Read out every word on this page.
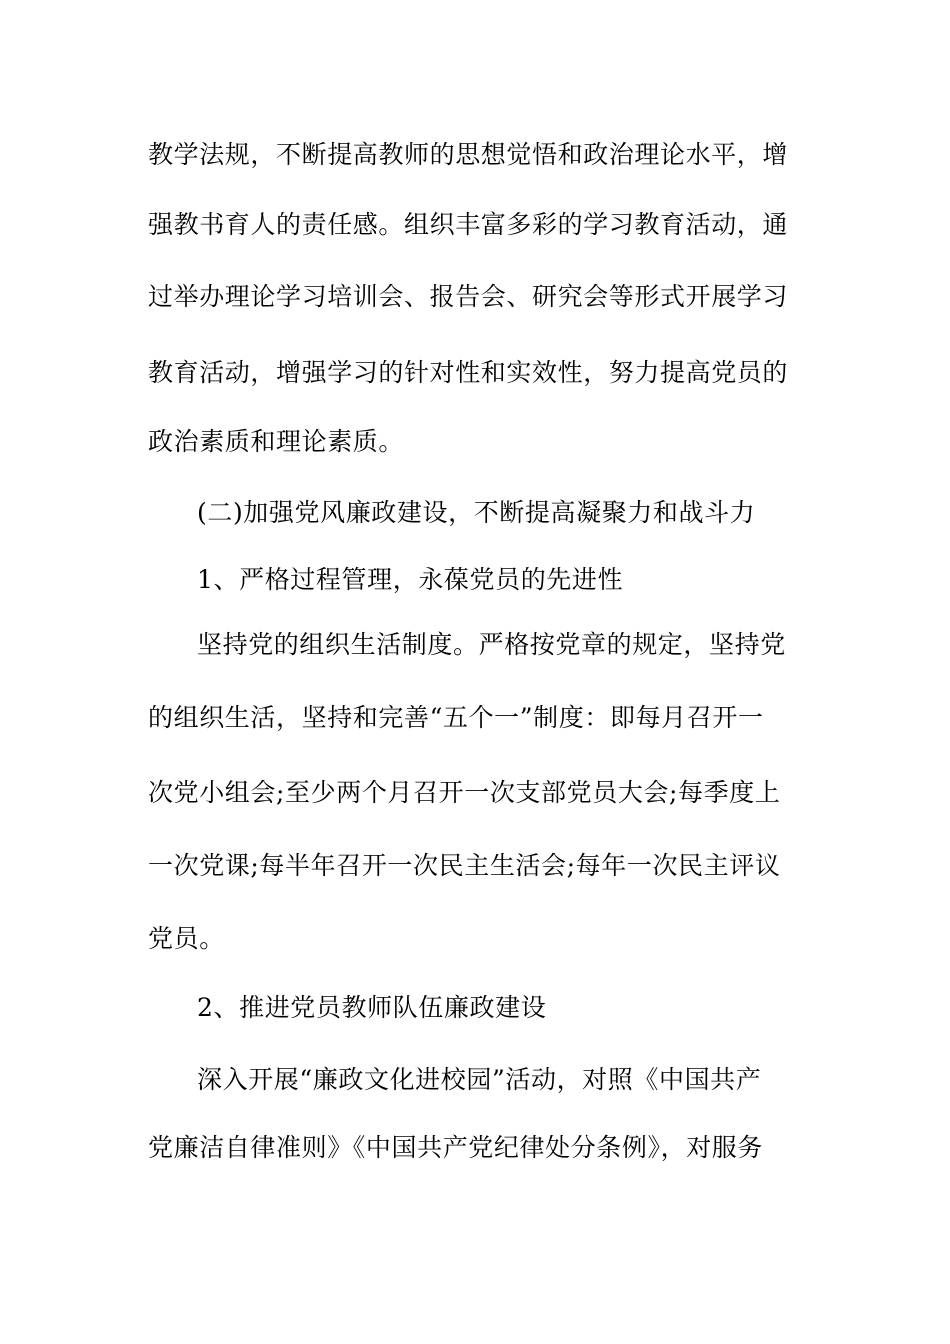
教学法规，不断提高教师的思想觉悟和政治理论水平，增
强教书育人的责任感。组织丰富多彩的学习教育活动，通
过举办理论学习培训会、报告会、研究会等形式开展学习
教育活动，增强学习的针对性和实效性，努力提高党员的
政治素质和理论素质。
(二)加强党风廉政建设，不断提高凝聚力和战斗力
1、严格过程管理，永葆党员的先进性
坚持党的组织生活制度。严格按党章的规定，坚持党
的组织生活，坚持和完善“五个一”制度：即每月召开一
次党小组会;至少两个月召开一次支部党员大会;每季度上
一次党课;每半年召开一次民主生活会;每年一次民主评议
党员。
2、推进党员教师队伍廉政建设
深入开展“廉政文化进校园”活动，对照《中国共产
党廉洁自律准则》《中国共产党纪律处分条例》，对服务
